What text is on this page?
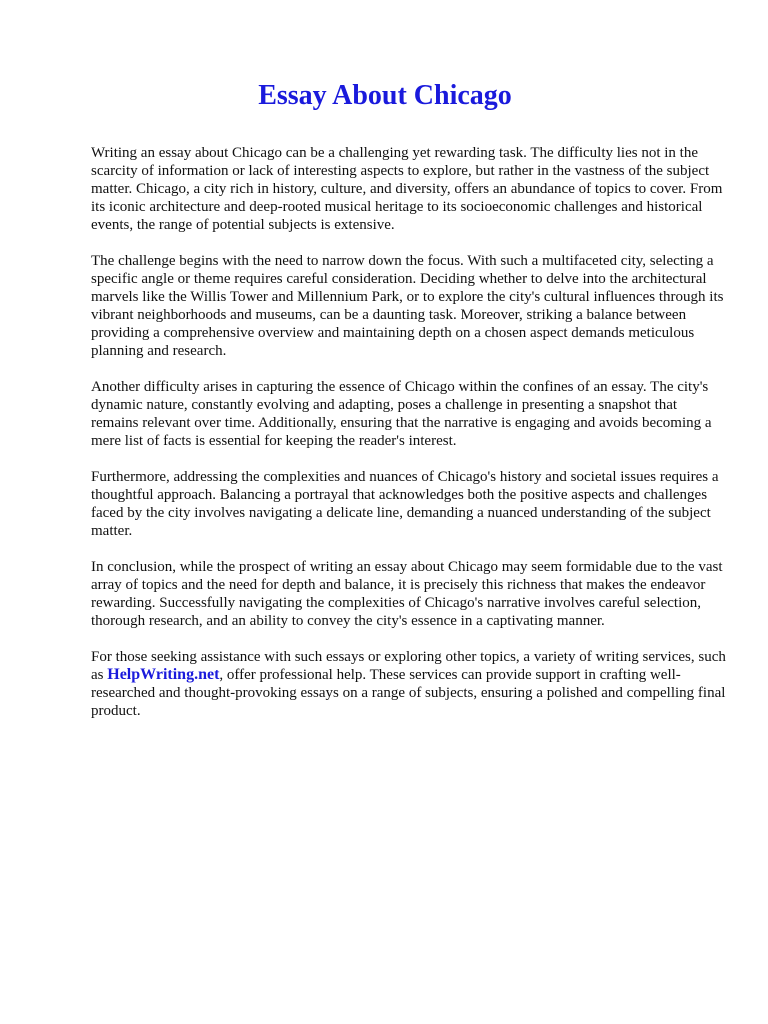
Essay About Chicago

Writing an essay about Chicago can be a challenging yet rewarding task. The difficulty lies not in the scarcity of information or lack of interesting aspects to explore, but rather in the vastness of the subject matter. Chicago, a city rich in history, culture, and diversity, offers an abundance of topics to cover. From its iconic architecture and deep-rooted musical heritage to its socioeconomic challenges and historical events, the range of potential subjects is extensive.

The challenge begins with the need to narrow down the focus. With such a multifaceted city, selecting a specific angle or theme requires careful consideration. Deciding whether to delve into the architectural marvels like the Willis Tower and Millennium Park, or to explore the city's cultural influences through its vibrant neighborhoods and museums, can be a daunting task. Moreover, striking a balance between providing a comprehensive overview and maintaining depth on a chosen aspect demands meticulous planning and research.

Another difficulty arises in capturing the essence of Chicago within the confines of an essay. The city's dynamic nature, constantly evolving and adapting, poses a challenge in presenting a snapshot that remains relevant over time. Additionally, ensuring that the narrative is engaging and avoids becoming a mere list of facts is essential for keeping the reader's interest.

Furthermore, addressing the complexities and nuances of Chicago's history and societal issues requires a thoughtful approach. Balancing a portrayal that acknowledges both the positive aspects and challenges faced by the city involves navigating a delicate line, demanding a nuanced understanding of the subject matter.

In conclusion, while the prospect of writing an essay about Chicago may seem formidable due to the vast array of topics and the need for depth and balance, it is precisely this richness that makes the endeavor rewarding. Successfully navigating the complexities of Chicago's narrative involves careful selection, thorough research, and an ability to convey the city's essence in a captivating manner.

For those seeking assistance with such essays or exploring other topics, a variety of writing services, such as HelpWriting.net, offer professional help. These services can provide support in crafting well-researched and thought-provoking essays on a range of subjects, ensuring a polished and compelling final product.
